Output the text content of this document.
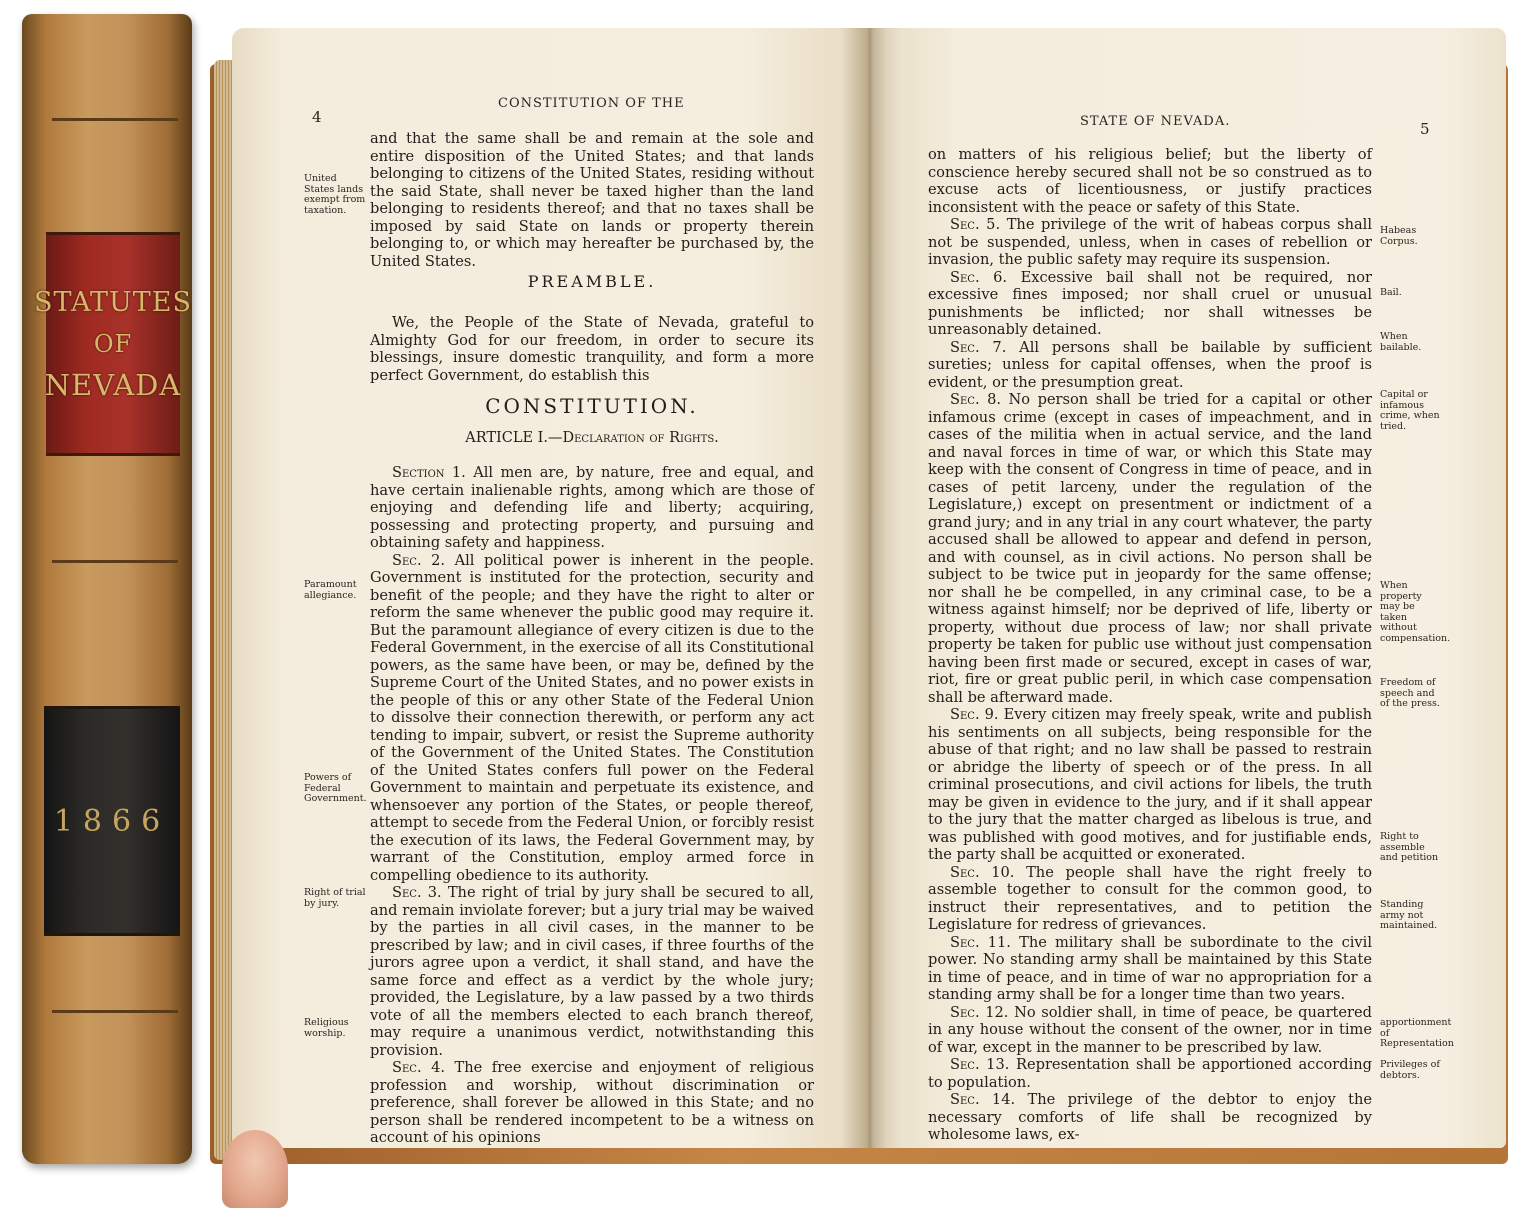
STATUTES
OF
NEVADA
1866
4
CONSTITUTION OF THE
and that the same shall be and remain at the sole and entire disposition of the United States; and that lands belonging to citizens of the United States, residing without the said State, shall never be taxed higher than the land belonging to residents thereof; and that no taxes shall be imposed by said State on lands or property therein belonging to, or which may hereafter be purchased by, the United States.
PREAMBLE.
We, the People of the State of Nevada, grateful to Almighty God for our freedom, in order to secure its blessings, insure domestic tranquility, and form a more perfect Government, do establish this
CONSTITUTION.
ARTICLE I.—Declaration of Rights.

Section 1. All men are, by nature, free and equal, and have certain inalienable rights, among which are those of enjoying and defending life and liberty; acquiring, possessing and protecting property, and pursuing and obtaining safety and happiness.

Sec. 2. All political power is inherent in the people. Government is instituted for the protection, security and benefit of the people; and they have the right to alter or reform the same whenever the public good may require it. But the paramount allegiance of every citizen is due to the Federal Government, in the exercise of all its Constitutional powers, as the same have been, or may be, defined by the Supreme Court of the United States, and no power exists in the people of this or any other State of the Federal Union to dissolve their connection therewith, or perform any act tending to impair, subvert, or resist the Supreme authority of the Government of the United States. The Constitution of the United States confers full power on the Federal Government to maintain and perpetuate its existence, and whensoever any portion of the States, or people thereof, attempt to secede from the Federal Union, or forcibly resist the execution of its laws, the Federal Government may, by warrant of the Constitution, employ armed force in compelling obedience to its authority.

Sec. 3. The right of trial by jury shall be secured to all, and remain inviolate forever; but a jury trial may be waived by the parties in all civil cases, in the manner to be prescribed by law; and in civil cases, if three fourths of the jurors agree upon a verdict, it shall stand, and have the same force and effect as a verdict by the whole jury; provided, the Legislature, by a law passed by a two thirds vote of all the members elected to each branch thereof, may require a unanimous verdict, notwithstanding this provision.

Sec. 4. The free exercise and enjoyment of religious profession and worship, without discrimination or preference, shall forever be allowed in this State; and no person shall be rendered incompetent to be a witness on account of his opinions

United States lands exempt from taxation.
Paramount allegiance.
Powers of Federal Government.
Right of trial by jury.
Religious worship.
STATE OF NEVADA.	5

on matters of his religious belief; but the liberty of conscience hereby secured shall not be so construed as to excuse acts of licentiousness, or justify practices inconsistent with the peace or safety of this State.

Sec. 5. The privilege of the writ of habeas corpus shall not be suspended, unless, when in cases of rebellion or invasion, the public safety may require its suspension.

Sec. 6. Excessive bail shall not be required, nor excessive fines imposed; nor shall cruel or unusual punishments be inflicted; nor shall witnesses be unreasonably detained.

Sec. 7. All persons shall be bailable by sufficient sureties; unless for capital offenses, when the proof is evident, or the presumption great.

Sec. 8. No person shall be tried for a capital or other infamous crime (except in cases of impeachment, and in cases of the militia when in actual service, and the land and naval forces in time of war, or which this State may keep with the consent of Congress in time of peace, and in cases of petit larceny, under the regulation of the Legislature,) except on presentment or indictment of a grand jury; and in any trial in any court whatever, the party accused shall be allowed to appear and defend in person, and with counsel, as in civil actions. No person shall be subject to be twice put in jeopardy for the same offense; nor shall he be compelled, in any criminal case, to be a witness against himself; nor be deprived of life, liberty or property, without due process of law; nor shall private property be taken for public use without just compensation having been first made or secured, except in cases of war, riot, fire or great public peril, in which case compensation shall be afterward made.

Sec. 9. Every citizen may freely speak, write and publish his sentiments on all subjects, being responsible for the abuse of that right; and no law shall be passed to restrain or abridge the liberty of speech or of the press. In all criminal prosecutions, and civil actions for libels, the truth may be given in evidence to the jury, and if it shall appear to the jury that the matter charged as libelous is true, and was published with good motives, and for justifiable ends, the party shall be acquitted or exonerated.

Sec. 10. The people shall have the right freely to assemble together to consult for the common good, to instruct their representatives, and to petition the Legislature for redress of grievances.

Sec. 11. The military shall be subordinate to the civil power. No standing army shall be maintained by this State in time of peace, and in time of war no appropriation for a standing army shall be for a longer time than two years.

Sec. 12. No soldier shall, in time of peace, be quartered in any house without the consent of the owner, nor in time of war, except in the manner to be prescribed by law.

Sec. 13. Representation shall be apportioned according to population.

Sec. 14. The privilege of the debtor to enjoy the necessary comforts of life shall be recognized by wholesome laws, ex-

Habeas Corpus.
Bail.
When bailable.
Capital or infamous crime, when tried.
When property may be taken without compensation.
Freedom of speech and of the press.
Right to assemble and petition
Standing army not maintained.
apportionment of Representation
Privileges of debtors.
